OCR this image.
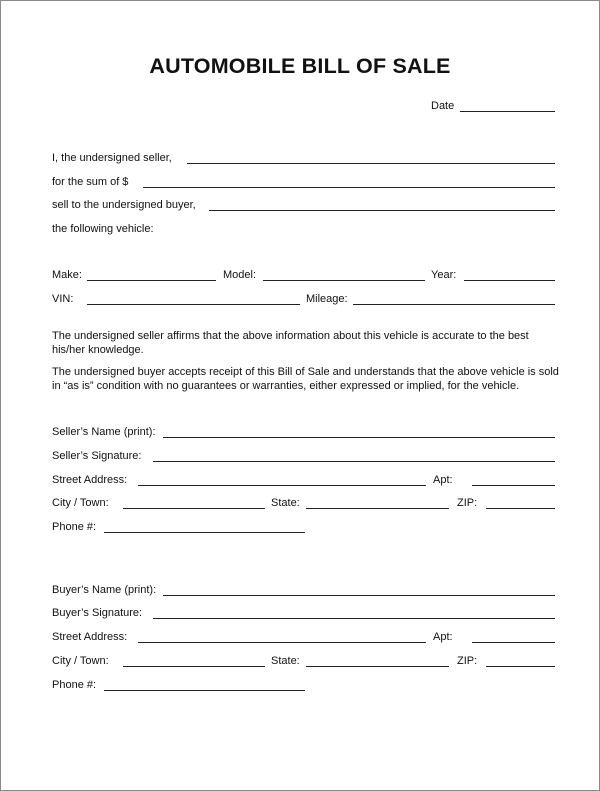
AUTOMOBILE BILL OF SALE
Date
I, the undersigned seller,
for the sum of $
sell to the undersigned buyer,
the following vehicle:
Make:	Model:	Year:
VIN:	Mileage:
The undersigned seller affirms that the above information about this vehicle is accurate to the best his/her knowledge.
The undersigned buyer accepts receipt of this Bill of Sale and understands that the above vehicle is sold in “as is” condition with no guarantees or warranties, either expressed or implied, for the vehicle.
Seller’s Name (print):
Seller’s Signature:
Street Address:	Apt:
City / Town:	State:	ZIP:
Phone #:
Buyer’s Name (print):
Buyer’s Signature:
Street Address:	Apt:
City / Town:	State:	ZIP:
Phone #:
